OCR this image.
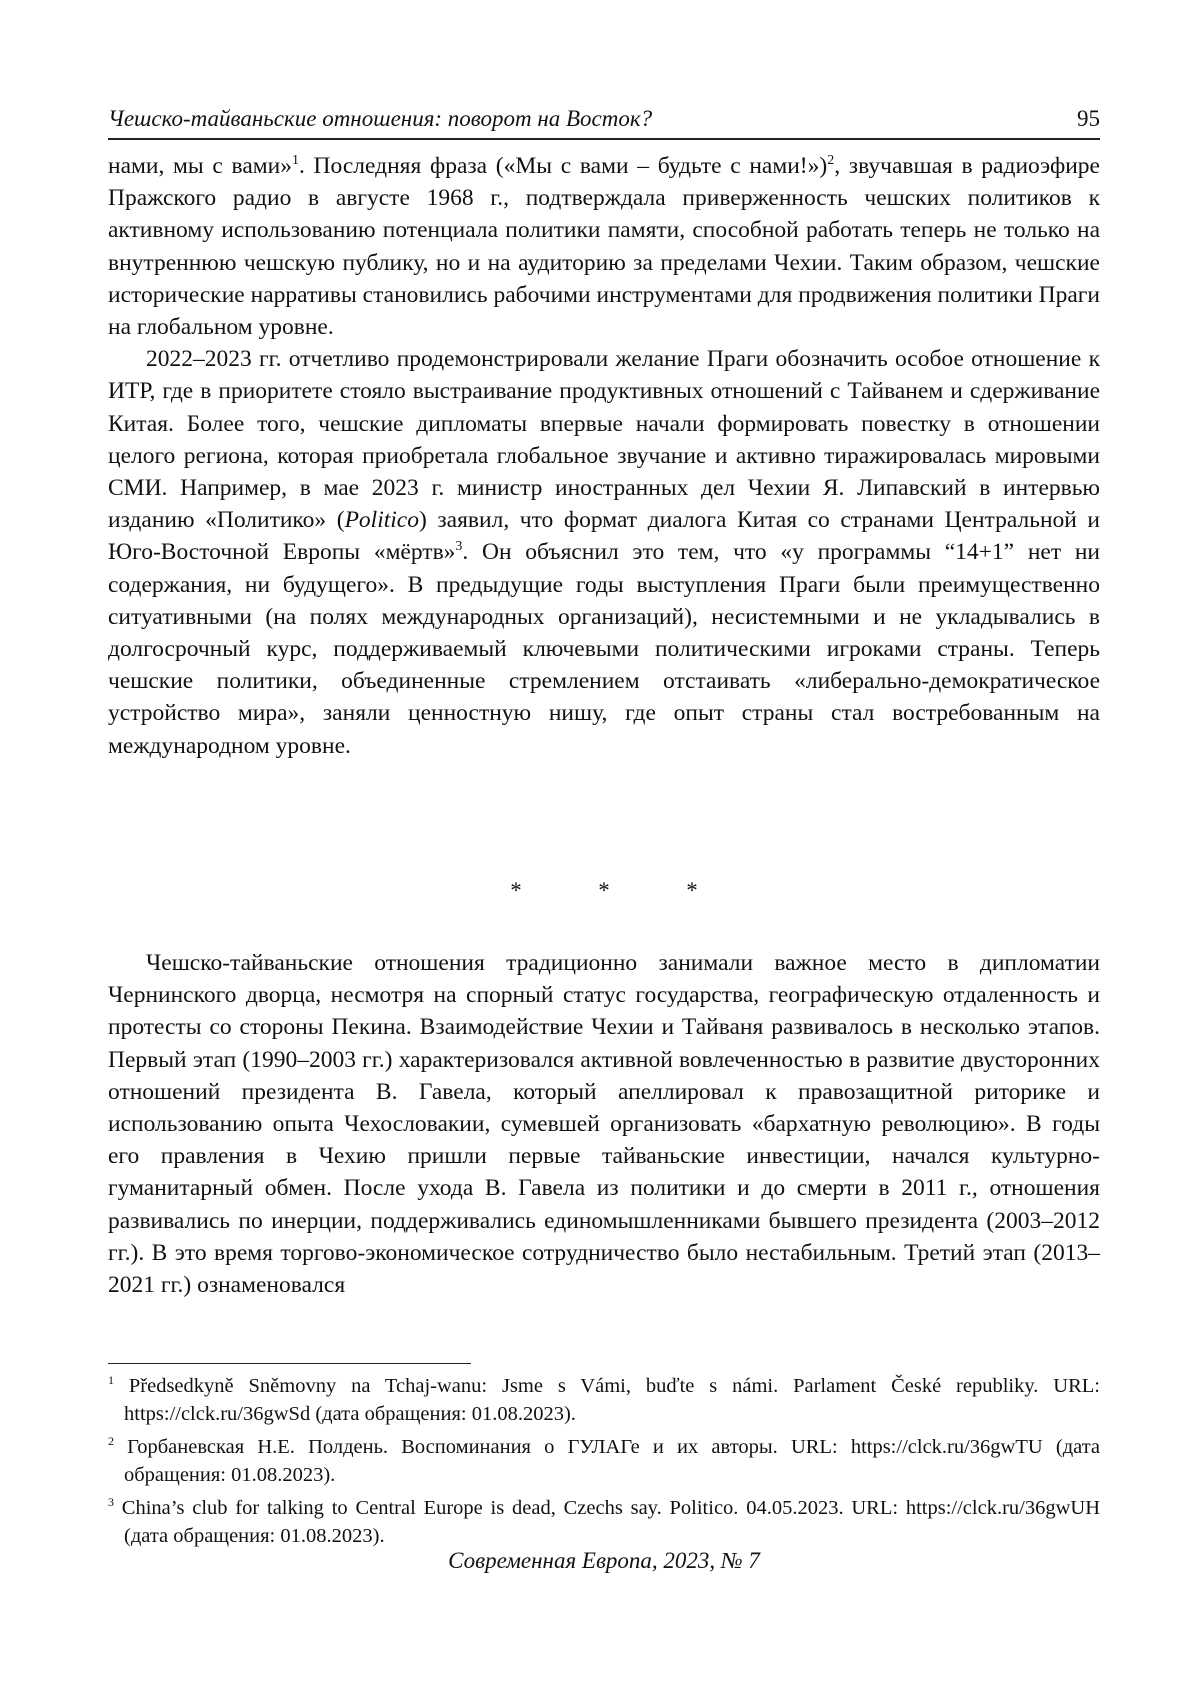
Чешско-тайваньские отношения: поворот на Восток?	95

нами, мы с вами»$^1$. Последняя фраза («Мы с вами – будьте с нами!»)$^2$, звучавшая в радиоэфире Пражского радио в августе 1968 г., подтверждала приверженность чешских политиков к активному использованию потенциала политики памяти, способной работать теперь не только на внутреннюю чешскую публику, но и на аудиторию за пределами Чехии. Таким образом, чешские исторические нарративы становились рабочими инструментами для продвижения политики Праги на глобальном уровне.

2022–2023 гг. отчетливо продемонстрировали желание Праги обозначить особое отношение к ИТР, где в приоритете стояло выстраивание продуктивных отношений с Тайванем и сдерживание Китая. Более того, чешские дипломаты впервые начали формировать повестку в отношении целого региона, которая приобретала глобальное звучание и активно тиражировалась мировыми СМИ. Например, в мае 2023 г. министр иностранных дел Чехии Я. Липавский в интервью изданию «Политико» (Politico) заявил, что формат диалога Китая со странами Центральной и Юго-Восточной Европы «мёртв»$^3$. Он объяснил это тем, что «у программы “14+1” нет ни содержания, ни будущего». В предыдущие годы выступления Праги были преимущественно ситуативными (на полях международных организаций), несистемными и не укладывались в долгосрочный курс, поддерживаемый ключевыми политическими игроками страны. Теперь чешские политики, объединенные стремлением отстаивать «либерально-демократическое устройство мира», заняли ценностную нишу, где опыт страны стал востребованным на международном уровне.

*	*	*

Чешско-тайваньские отношения традиционно занимали важное место в дипломатии Чернинского дворца, несмотря на спорный статус государства, географическую отдаленность и протесты со стороны Пекина. Взаимодействие Чехии и Тайваня развивалось в несколько этапов. Первый этап (1990–2003 гг.) характеризовался активной вовлеченностью в развитие двусторонних отношений президента В. Гавела, который апеллировал к правозащитной риторике и использованию опыта Чехословакии, сумевшей организовать «бархатную революцию». В годы его правления в Чехию пришли первые тайваньские инвестиции, начался культурно-гуманитарный обмен. После ухода В. Гавела из политики и до смерти в 2011 г., отношения развивались по инерции, поддерживались единомышленниками бывшего президента (2003–2012 гг.). В это время торгово-экономическое сотрудничество было нестабильным. Третий этап (2013–2021 гг.) ознаменовался

$^1$ Předsedkyně Sněmovny na Tchaj-wanu: Jsme s Vámi, buďte s námi. Parlament České republiky. URL: https://clck.ru/36gwSd (дата обращения: 01.08.2023).

$^2$ Горбаневская Н.Е. Полдень. Воспоминания о ГУЛАГе и их авторы. URL: https://clck.ru/36gwTU (дата обращения: 01.08.2023).

$^3$ China’s club for talking to Central Europe is dead, Czechs say. Politico. 04.05.2023. URL: https://clck.ru/36gwUH (дата обращения: 01.08.2023).

Современная Европа, 2023, № 7
